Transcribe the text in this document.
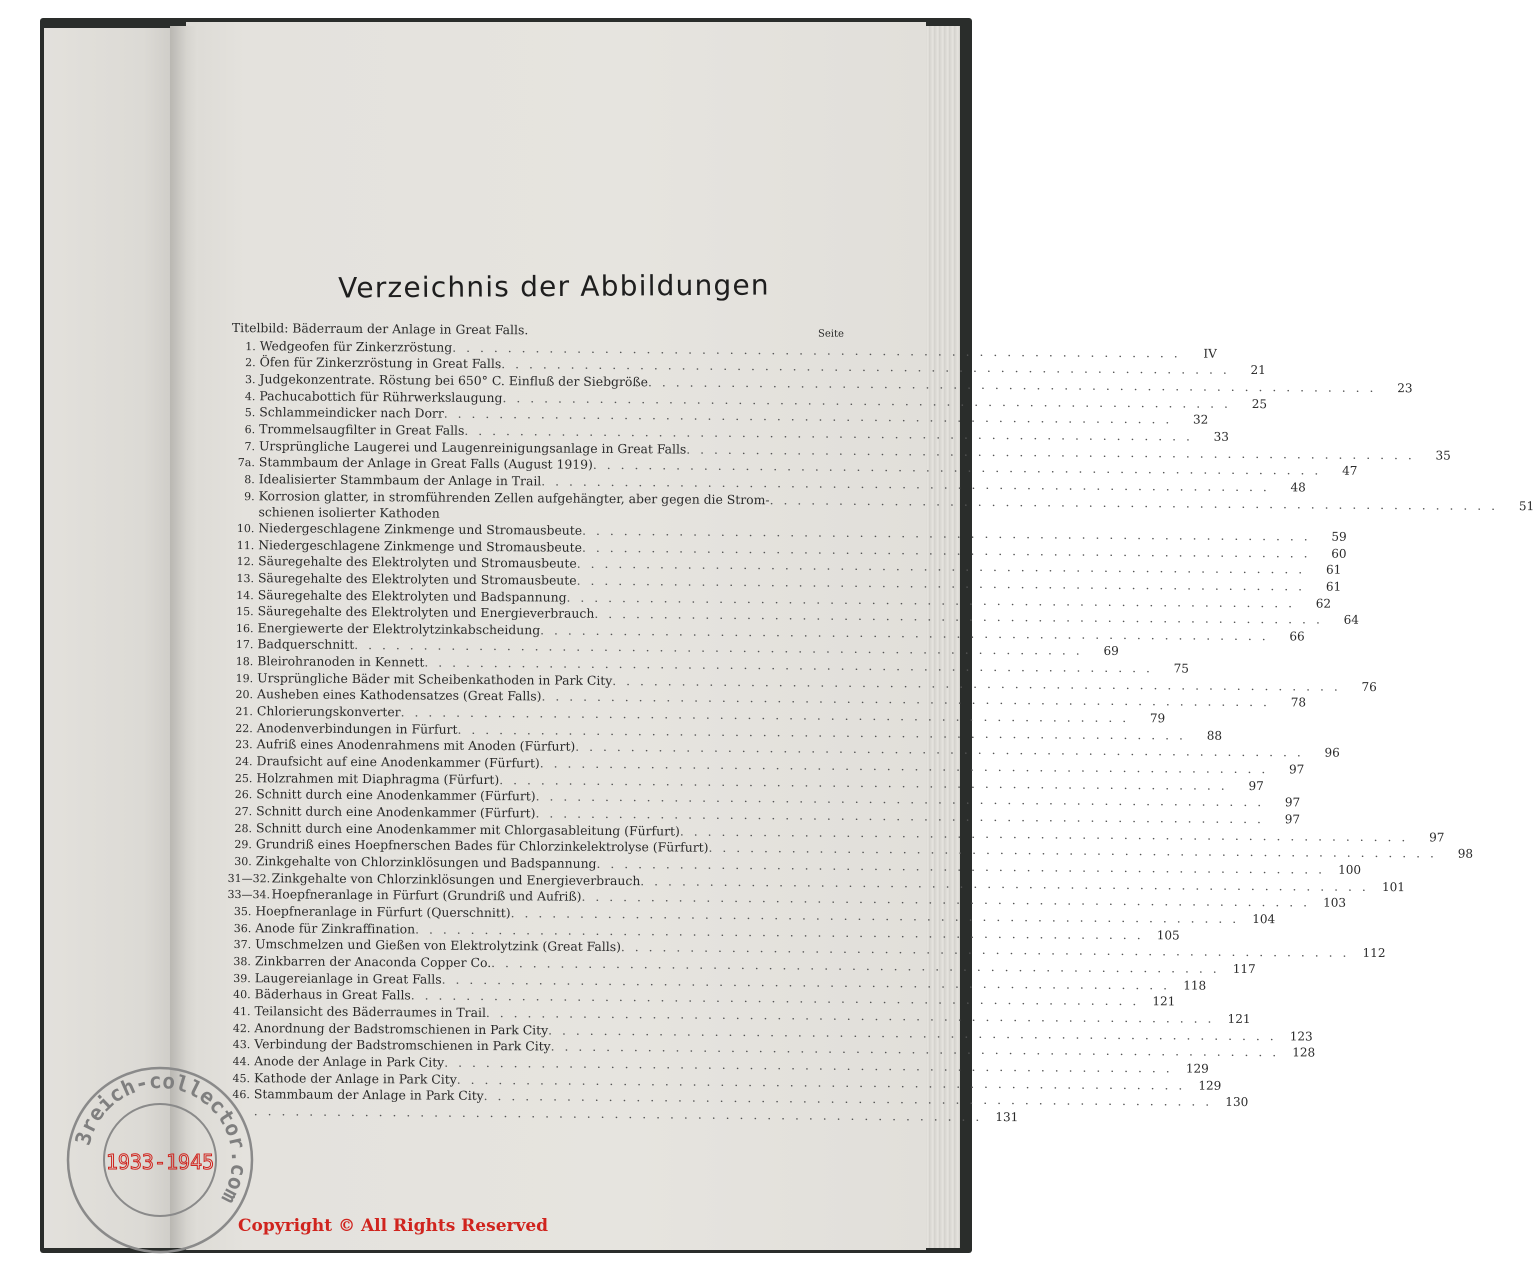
Verzeichnis der Abbildungen
Titelbild: Bäderraum der Anlage in Great Falls.	Seite
1. Wedgeofen für Zinkerzröstung . . . . . . . . . . . . . . . . . . . . . . . . . . . . . . . . . . . . . . . . . . . . . . . . . . . . .	IV
2. Öfen für Zinkerzröstung in Great Falls . . . . . . . . . . . . . . . . . . . . . . . . . . . . . . . . . . . . . . . . . . . . . . . . . . . . .	21
3. Judgekonzentrate. Röstung bei 650° C. Einfluß der Siebgröße . . . . . . . . . . . . . . . . . . . . . . . . . . . . . . . . . . . . . . . . . . . . . . . . . . . . .	23
4. Pachucabottich für Rührwerkslaugung . . . . . . . . . . . . . . . . . . . . . . . . . . . . . . . . . . . . . . . . . . . . . . . . . . . . .	25
5. Schlammeindicker nach Dorr . . . . . . . . . . . . . . . . . . . . . . . . . . . . . . . . . . . . . . . . . . . . . . . . . . . . .	32
6. Trommelsaugfilter in Great Falls . . . . . . . . . . . . . . . . . . . . . . . . . . . . . . . . . . . . . . . . . . . . . . . . . . . . .	33
7. Ursprüngliche Laugerei und Laugenreinigungsanlage in Great Falls . . . . . . . . . . . . . . . . . . . . . . . . . . . . . . . . . . . . . . . . . . . . . . . . . . . . .	35
7a. Stammbaum der Anlage in Great Falls (August 1919) . . . . . . . . . . . . . . . . . . . . . . . . . . . . . . . . . . . . . . . . . . . . . . . . . . . . .	47
8. Idealisierter Stammbaum der Anlage in Trail . . . . . . . . . . . . . . . . . . . . . . . . . . . . . . . . . . . . . . . . . . . . . . . . . . . . .	48
9. Korrosion glatter, in stromführenden Zellen aufgehängter, aber gegen die Strom- . . . . . . . . . . . . . . . . . . . . . . . . . . . . . . . . . . . . . . . . . . . . . . . . . . . . .	51
schienen isolierter Kathoden
10. Niedergeschlagene Zinkmenge und Stromausbeute . . . . . . . . . . . . . . . . . . . . . . . . . . . . . . . . . . . . . . . . . . . . . . . . . . . . .	59
11. Niedergeschlagene Zinkmenge und Stromausbeute . . . . . . . . . . . . . . . . . . . . . . . . . . . . . . . . . . . . . . . . . . . . . . . . . . . . .	60
12. Säuregehalte des Elektrolyten und Stromausbeute . . . . . . . . . . . . . . . . . . . . . . . . . . . . . . . . . . . . . . . . . . . . . . . . . . . . .	61
13. Säuregehalte des Elektrolyten und Stromausbeute . . . . . . . . . . . . . . . . . . . . . . . . . . . . . . . . . . . . . . . . . . . . . . . . . . . . .	61
14. Säuregehalte des Elektrolyten und Badspannung . . . . . . . . . . . . . . . . . . . . . . . . . . . . . . . . . . . . . . . . . . . . . . . . . . . . .	62
15. Säuregehalte des Elektrolyten und Energieverbrauch . . . . . . . . . . . . . . . . . . . . . . . . . . . . . . . . . . . . . . . . . . . . . . . . . . . . .	64
16. Energiewerte der Elektrolytzinkabscheidung . . . . . . . . . . . . . . . . . . . . . . . . . . . . . . . . . . . . . . . . . . . . . . . . . . . . .	66
17. Badquerschnitt . . . . . . . . . . . . . . . . . . . . . . . . . . . . . . . . . . . . . . . . . . . . . . . . . . . . .	69
18. Bleirohranoden in Kennett . . . . . . . . . . . . . . . . . . . . . . . . . . . . . . . . . . . . . . . . . . . . . . . . . . . . .	75
19. Ursprüngliche Bäder mit Scheibenkathoden in Park City . . . . . . . . . . . . . . . . . . . . . . . . . . . . . . . . . . . . . . . . . . . . . . . . . . . . .	76
20. Ausheben eines Kathodensatzes (Great Falls) . . . . . . . . . . . . . . . . . . . . . . . . . . . . . . . . . . . . . . . . . . . . . . . . . . . . .	78
21. Chlorierungskonverter . . . . . . . . . . . . . . . . . . . . . . . . . . . . . . . . . . . . . . . . . . . . . . . . . . . . .	79
22. Anodenverbindungen in Fürfurt . . . . . . . . . . . . . . . . . . . . . . . . . . . . . . . . . . . . . . . . . . . . . . . . . . . . .	88
23. Aufriß eines Anodenrahmens mit Anoden (Fürfurt) . . . . . . . . . . . . . . . . . . . . . . . . . . . . . . . . . . . . . . . . . . . . . . . . . . . . .	96
24. Draufsicht auf eine Anodenkammer (Fürfurt) . . . . . . . . . . . . . . . . . . . . . . . . . . . . . . . . . . . . . . . . . . . . . . . . . . . . .	97
25. Holzrahmen mit Diaphragma (Fürfurt) . . . . . . . . . . . . . . . . . . . . . . . . . . . . . . . . . . . . . . . . . . . . . . . . . . . . .	97
26. Schnitt durch eine Anodenkammer (Fürfurt) . . . . . . . . . . . . . . . . . . . . . . . . . . . . . . . . . . . . . . . . . . . . . . . . . . . . .	97
27. Schnitt durch eine Anodenkammer (Fürfurt) . . . . . . . . . . . . . . . . . . . . . . . . . . . . . . . . . . . . . . . . . . . . . . . . . . . . .	97
28. Schnitt durch eine Anodenkammer mit Chlorgasableitung (Fürfurt) . . . . . . . . . . . . . . . . . . . . . . . . . . . . . . . . . . . . . . . . . . . . . . . . . . . . .	97
29. Grundriß eines Hoepfnerschen Bades für Chlorzinkelektrolyse (Fürfurt) . . . . . . . . . . . . . . . . . . . . . . . . . . . . . . . . . . . . . . . . . . . . . . . . . . . . .	98
30. Zinkgehalte von Chlorzinklösungen und Badspannung . . . . . . . . . . . . . . . . . . . . . . . . . . . . . . . . . . . . . . . . . . . . . . . . . . . . .	100
31—32. Zinkgehalte von Chlorzinklösungen und Energieverbrauch . . . . . . . . . . . . . . . . . . . . . . . . . . . . . . . . . . . . . . . . . . . . . . . . . . . . .	101
33—34. Hoepfneranlage in Fürfurt (Grundriß und Aufriß) . . . . . . . . . . . . . . . . . . . . . . . . . . . . . . . . . . . . . . . . . . . . . . . . . . . . .	103
35. Hoepfneranlage in Fürfurt (Querschnitt) . . . . . . . . . . . . . . . . . . . . . . . . . . . . . . . . . . . . . . . . . . . . . . . . . . . . .	104
36. Anode für Zinkraffination . . . . . . . . . . . . . . . . . . . . . . . . . . . . . . . . . . . . . . . . . . . . . . . . . . . . .	105
37. Umschmelzen und Gießen von Elektrolytzink (Great Falls) . . . . . . . . . . . . . . . . . . . . . . . . . . . . . . . . . . . . . . . . . . . . . . . . . . . . .	112
38. Zinkbarren der Anaconda Copper Co. . . . . . . . . . . . . . . . . . . . . . . . . . . . . . . . . . . . . . . . . . . . . . . . . . . . . .	117
39. Laugereianlage in Great Falls . . . . . . . . . . . . . . . . . . . . . . . . . . . . . . . . . . . . . . . . . . . . . . . . . . . . .	118
40. Bäderhaus in Great Falls . . . . . . . . . . . . . . . . . . . . . . . . . . . . . . . . . . . . . . . . . . . . . . . . . . . . .	121
41. Teilansicht des Bäderraumes in Trail . . . . . . . . . . . . . . . . . . . . . . . . . . . . . . . . . . . . . . . . . . . . . . . . . . . . .	121
42. Anordnung der Badstromschienen in Park City . . . . . . . . . . . . . . . . . . . . . . . . . . . . . . . . . . . . . . . . . . . . . . . . . . . . .	123
43. Verbindung der Badstromschienen in Park City . . . . . . . . . . . . . . . . . . . . . . . . . . . . . . . . . . . . . . . . . . . . . . . . . . . . .	128
44. Anode der Anlage in Park City . . . . . . . . . . . . . . . . . . . . . . . . . . . . . . . . . . . . . . . . . . . . . . . . . . . . .	129
45. Kathode der Anlage in Park City . . . . . . . . . . . . . . . . . . . . . . . . . . . . . . . . . . . . . . . . . . . . . . . . . . . . .	129
46. Stammbaum der Anlage in Park City . . . . . . . . . . . . . . . . . . . . . . . . . . . . . . . . . . . . . . . . . . . . . . . . . . . . .	130
. . . . . . . . . . . . . . . . . . . . . . . . . . . . . . . . . . . . . . . . . . . . . . . . . . . . .	131
3reich-collector.com
1933-1945
Copyright © All Rights Reserved
